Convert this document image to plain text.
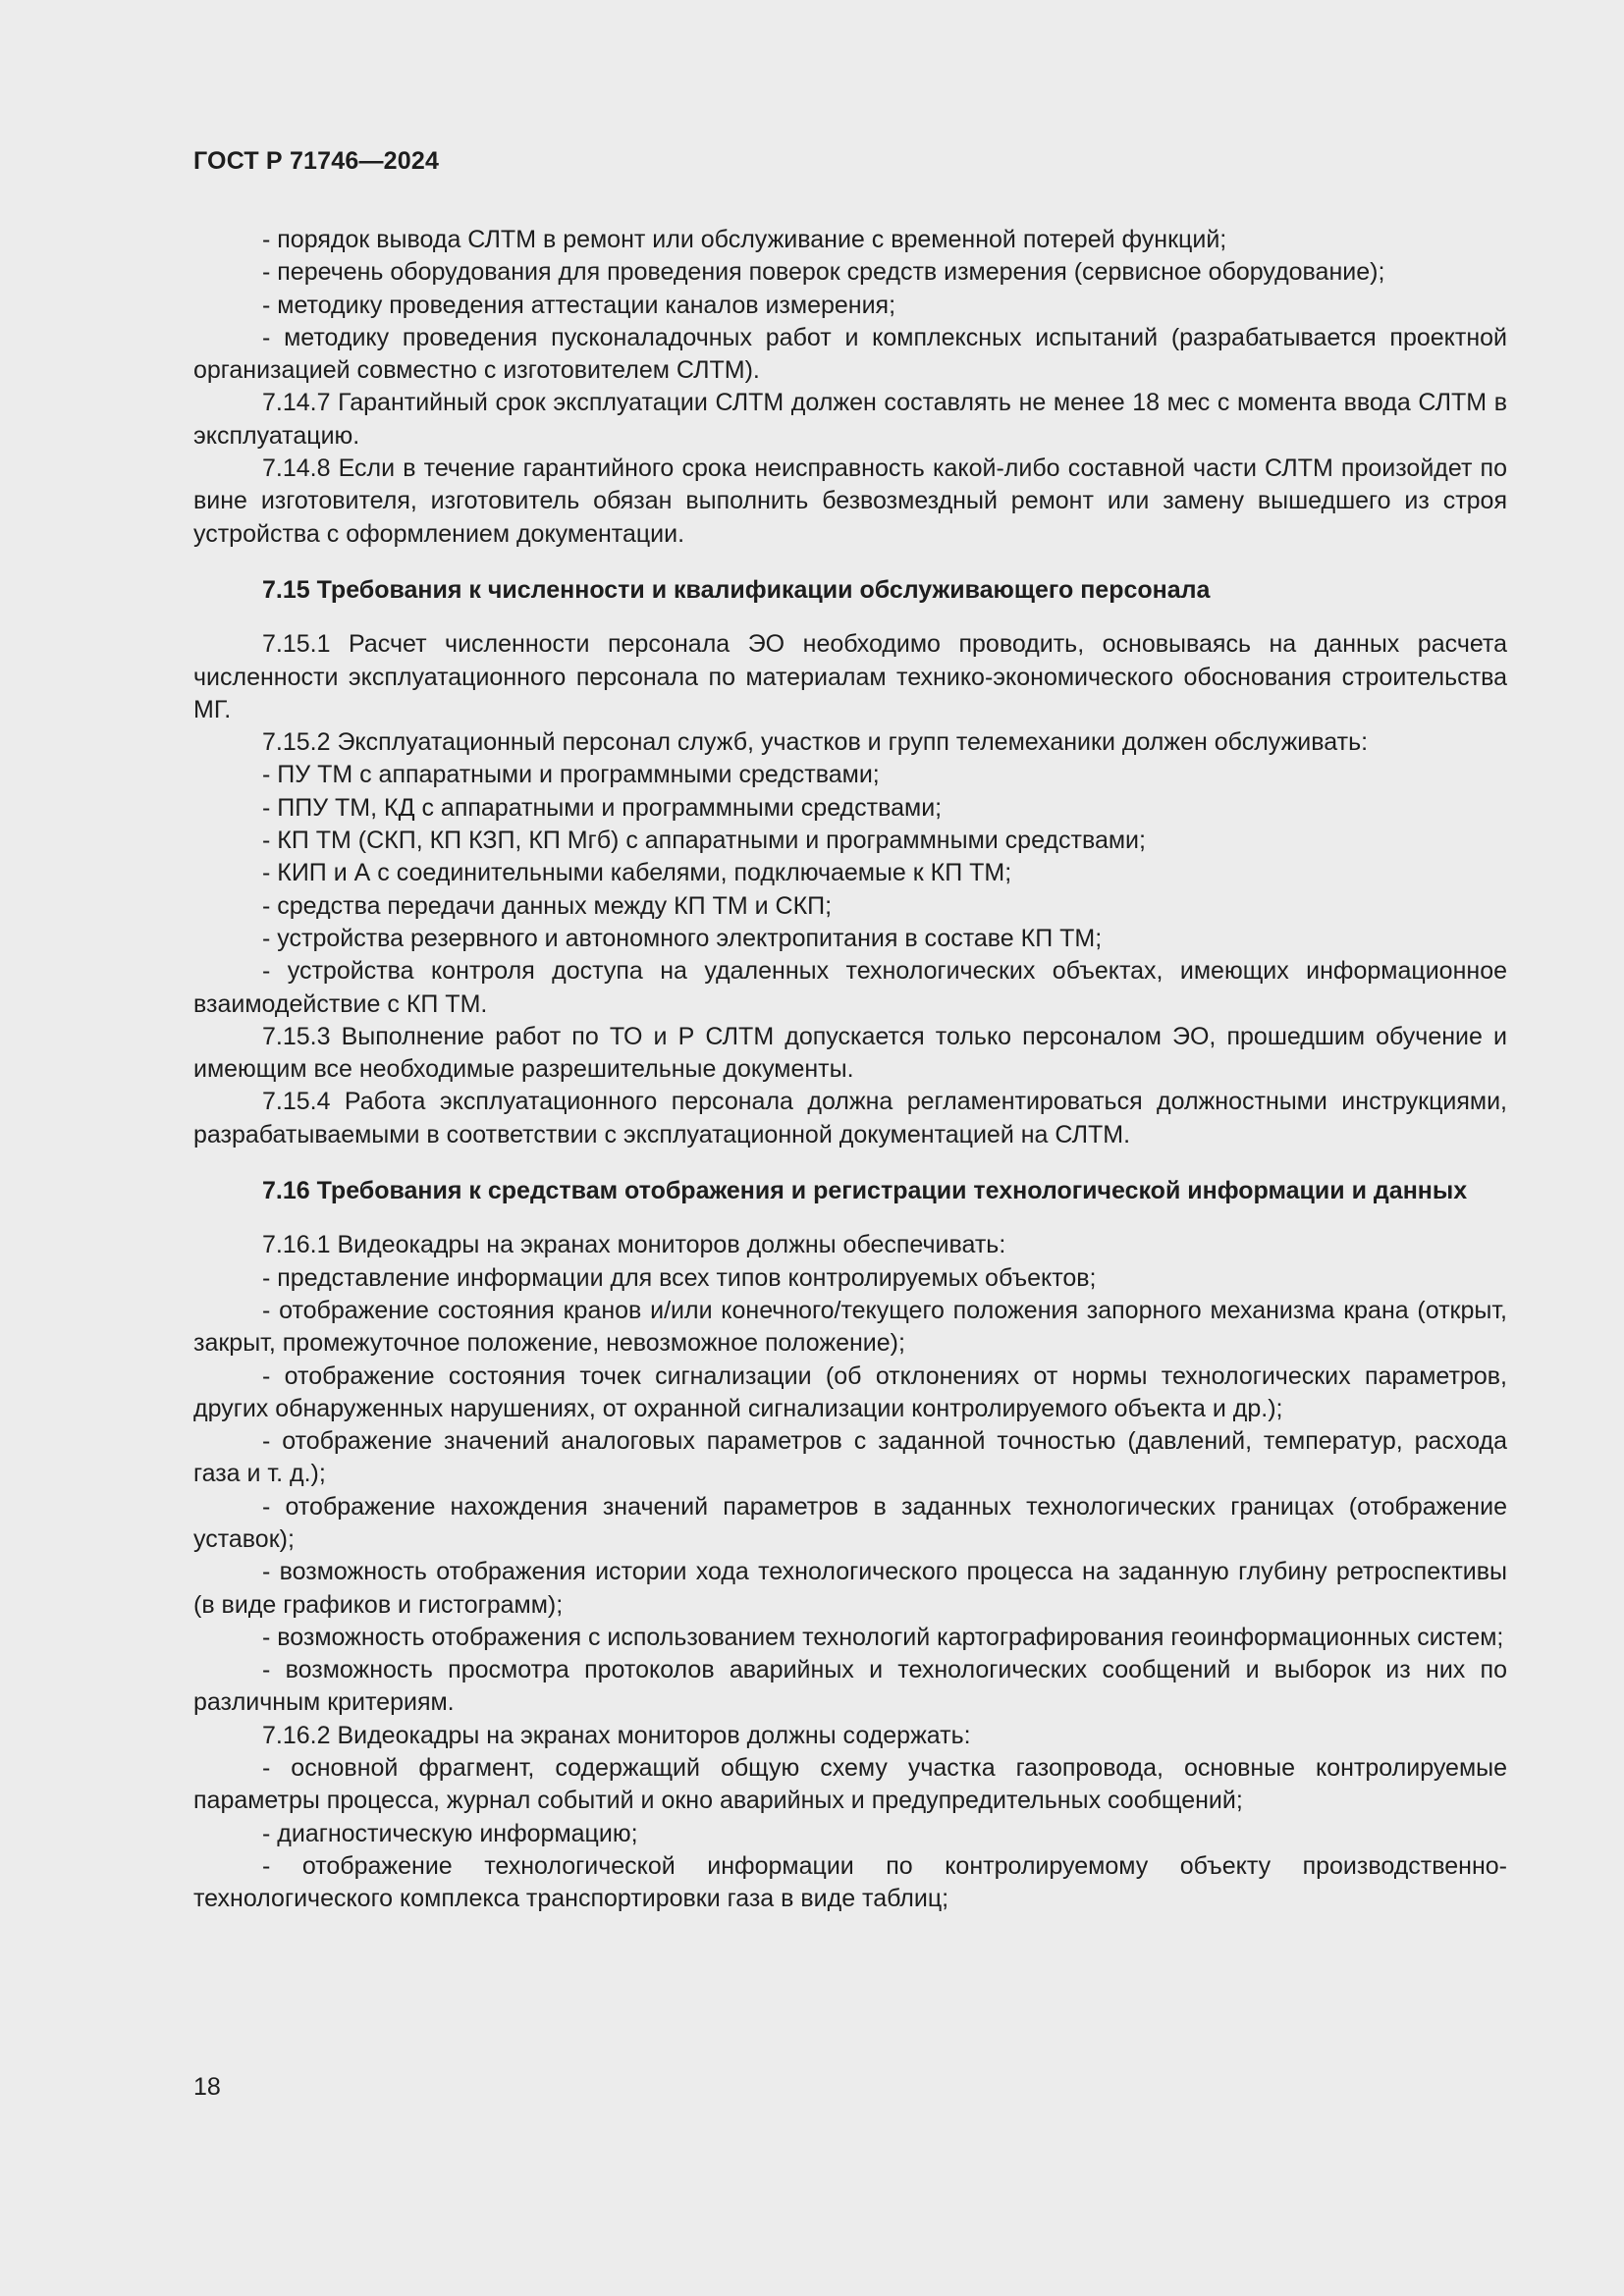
ГОСТ Р 71746—2024

- порядок вывода СЛТМ в ремонт или обслуживание с временной потерей функций;

- перечень оборудования для проведения поверок средств измерения (сервисное оборудование);

- методику проведения аттестации каналов измерения;

- методику проведения пусконаладочных работ и комплексных испытаний (разрабатывается проектной организацией совместно с изготовителем СЛТМ).

7.14.7 Гарантийный срок эксплуатации СЛТМ должен составлять не менее 18 мес с момента ввода СЛТМ в эксплуатацию.

7.14.8 Если в течение гарантийного срока неисправность какой-либо составной части СЛТМ произойдет по вине изготовителя, изготовитель обязан выполнить безвозмездный ремонт или замену вышедшего из строя устройства с оформлением документации.

7.15 Требования к численности и квалификации обслуживающего персонала

7.15.1 Расчет численности персонала ЭО необходимо проводить, основываясь на данных расчета численности эксплуатационного персонала по материалам технико-экономического обоснования строительства МГ.

7.15.2 Эксплуатационный персонал служб, участков и групп телемеханики должен обслуживать:

- ПУ ТМ с аппаратными и программными средствами;

- ППУ ТМ, КД с аппаратными и программными средствами;

- КП ТМ (СКП, КП КЗП, КП Мгб) с аппаратными и программными средствами;

- КИП и А с соединительными кабелями, подключаемые к КП ТМ;

- средства передачи данных между КП ТМ и СКП;

- устройства резервного и автономного электропитания в составе КП ТМ;

- устройства контроля доступа на удаленных технологических объектах, имеющих информационное взаимодействие с КП ТМ.

7.15.3 Выполнение работ по ТО и Р СЛТМ допускается только персоналом ЭО, прошедшим обучение и имеющим все необходимые разрешительные документы.

7.15.4 Работа эксплуатационного персонала должна регламентироваться должностными инструкциями, разрабатываемыми в соответствии с эксплуатационной документацией на СЛТМ.

7.16 Требования к средствам отображения и регистрации технологической информации и данных

7.16.1 Видеокадры на экранах мониторов должны обеспечивать:

- представление информации для всех типов контролируемых объектов;

- отображение состояния кранов и/или конечного/текущего положения запорного механизма крана (открыт, закрыт, промежуточное положение, невозможное положение);

- отображение состояния точек сигнализации (об отклонениях от нормы технологических параметров, других обнаруженных нарушениях, от охранной сигнализации контролируемого объекта и др.);

- отображение значений аналоговых параметров с заданной точностью (давлений, температур, расхода газа и т. д.);

- отображение нахождения значений параметров в заданных технологических границах (отображение уставок);

- возможность отображения истории хода технологического процесса на заданную глубину ретроспективы (в виде графиков и гистограмм);

- возможность отображения с использованием технологий картографирования геоинформационных систем;

- возможность просмотра протоколов аварийных и технологических сообщений и выборок из них по различным критериям.

7.16.2 Видеокадры на экранах мониторов должны содержать:

- основной фрагмент, содержащий общую схему участка газопровода, основные контролируемые параметры процесса, журнал событий и окно аварийных и предупредительных сообщений;

- диагностическую информацию;

- отображение технологической информации по контролируемому объекту производственно-технологического комплекса транспортировки газа в виде таблиц;

18
